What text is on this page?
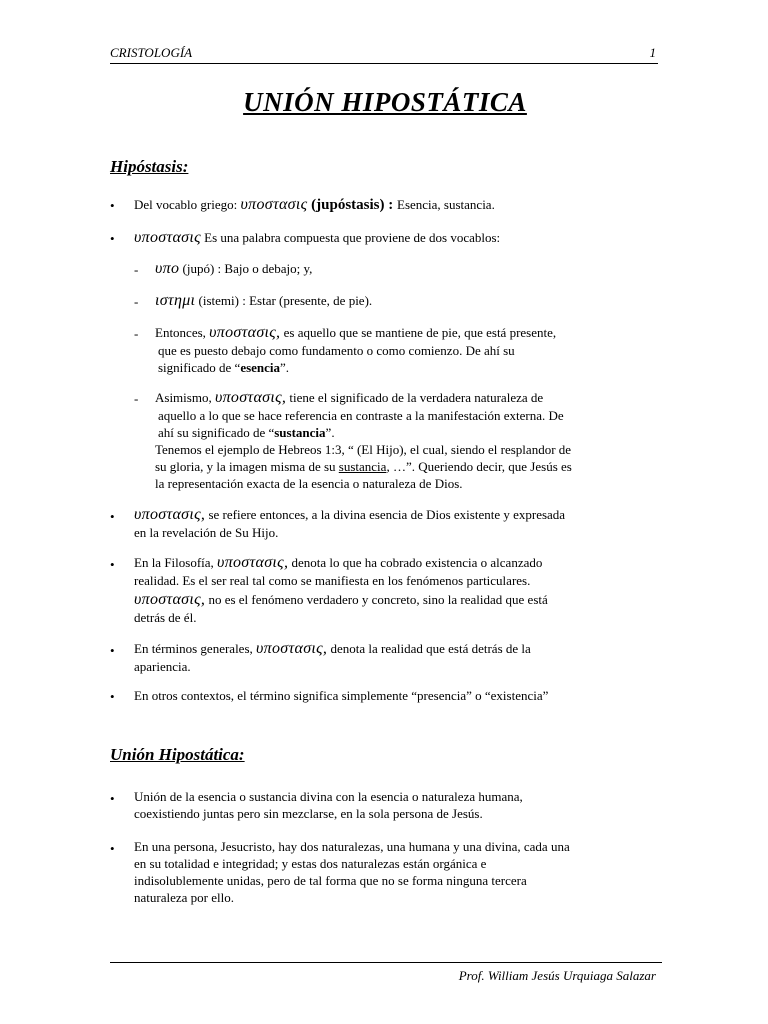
CRISTOLOGÍA	1
UNIÓN HIPOSTÁTICA
Hipóstasis:
• Del vocablo griego: υποστασις (jupóstasis) : Esencia, sustancia.
• υποστασις Es una palabra compuesta que proviene de dos vocablos:
- υπο (jupó) : Bajo o debajo; y,
- ιστημι (istemi) : Estar (presente, de pie).
- Entonces, υποστασις, es aquello que se mantiene de pie, que está presente,
que es puesto debajo como fundamento o como comienzo. De ahí su
significado de “esencia”.
- Asimismo, υποστασις, tiene el significado de la verdadera naturaleza de
aquello a lo que se hace referencia en contraste a la manifestación externa. De
ahí su significado de “sustancia”.
Tenemos el ejemplo de Hebreos 1:3, “ (El Hijo), el cual, siendo el resplandor de
su gloria, y la imagen misma de su sustancia, …”. Queriendo decir, que Jesús es
la representación exacta de la esencia o naturaleza de Dios.
• υποστασις, se refiere entonces, a la divina esencia de Dios existente y expresada
en la revelación de Su Hijo.
• En la Filosofía, υποστασις, denota lo que ha cobrado existencia o alcanzado
realidad. Es el ser real tal como se manifiesta en los fenómenos particulares.
υποστασις, no es el fenómeno verdadero y concreto, sino la realidad que está
detrás de él.
• En términos generales, υποστασις, denota la realidad que está detrás de la
apariencia.
• En otros contextos, el término significa simplemente “presencia” o “existencia”
Unión Hipostática:
• Unión de la esencia o sustancia divina con la esencia o naturaleza humana,
coexistiendo juntas pero sin mezclarse, en la sola persona de Jesús.
• En una persona, Jesucristo, hay dos naturalezas, una humana y una divina, cada una
en su totalidad e integridad; y estas dos naturalezas están orgánica e
indisolublemente unidas, pero de tal forma que no se forma ninguna tercera
naturaleza por ello.
Prof. William Jesús Urquiaga Salazar
